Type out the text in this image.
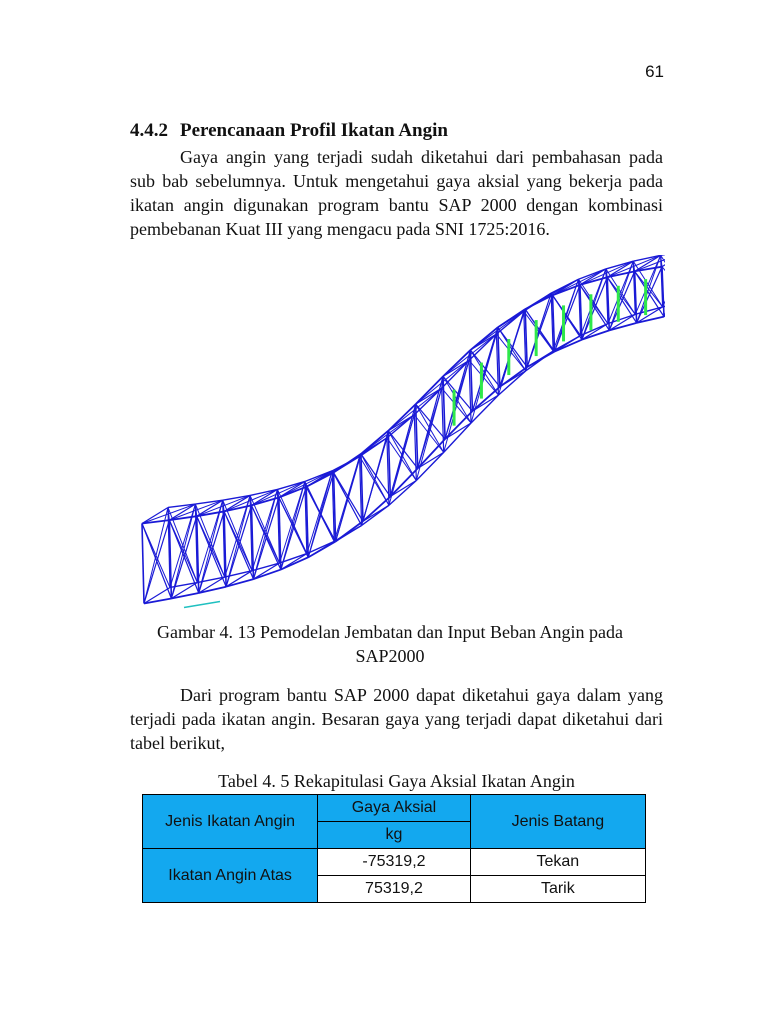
61
4.4.2 Perencanaan Profil Ikatan Angin

Gaya angin yang terjadi sudah diketahui dari pembahasan pada sub bab sebelumnya. Untuk mengetahui gaya aksial yang bekerja pada ikatan angin digunakan program bantu SAP 2000 dengan kombinasi pembebanan Kuat III yang mengacu pada SNI 1725:2016.

Gambar 4. 13 Pemodelan Jembatan dan Input Beban Angin pada
SAP2000

Dari program bantu SAP 2000 dapat diketahui gaya dalam yang terjadi pada ikatan angin. Besaran gaya yang terjadi dapat diketahui dari tabel berikut,

Tabel 4. 5 Rekapitulasi Gaya Aksial Ikatan Angin

Jenis Ikatan Angin	Gaya Aksial	Jenis Batang
	kg	
Ikatan Angin Atas	-75319,2	Tekan
	75319,2	Tarik
